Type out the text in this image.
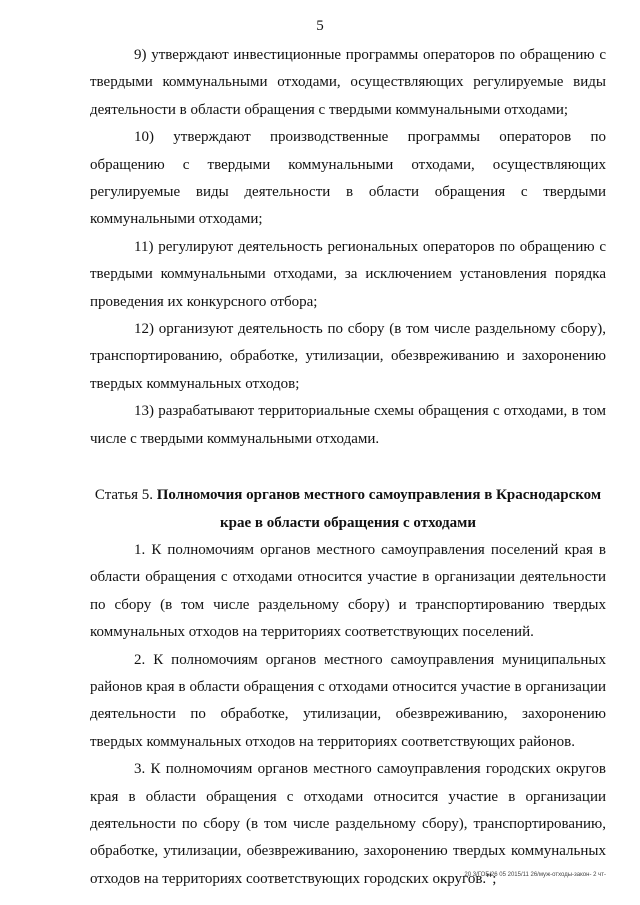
5

9) утверждают инвестиционные программы операторов по обращению с твердыми коммунальными отходами, осуществляющих регулируемые виды деятельности в области обращения с твердыми коммунальными отходами;

10) утверждают производственные программы операторов по обращению с твердыми коммунальными отходами, осуществляющих регулируемые виды деятельности в области обращения с твердыми коммунальными отходами;

11) регулируют деятельность региональных операторов по обращению с твердыми коммунальными отходами, за исключением установления порядка проведения их конкурсного отбора;

12) организуют деятельность по сбору (в том числе раздельному сбору), транспортированию, обработке, утилизации, обезвреживанию и захоронению твердых коммунальных отходов;

13) разрабатывают территориальные схемы обращения с отходами, в том числе с твердыми коммунальными отходами.

Статья 5. Полномочия органов местного самоуправления в Краснодарском крае в области обращения с отходами

1. К полномочиям органов местного самоуправления поселений края в области обращения с отходами относится участие в организации деятельности по сбору (в том числе раздельному сбору) и транспортированию твердых коммунальных отходов на территориях соответствующих поселений.

2. К полномочиям органов местного самоуправления муниципальных районов края в области обращения с отходами относится участие в организации деятельности по обработке, утилизации, обезвреживанию, захоронению твердых коммунальных отходов на территориях соответствующих районов.

3. К полномочиям органов местного самоуправления городских округов края в области обращения с отходами относится участие в организации деятельности по сбору (в том числе раздельному сбору), транспортированию, обработке, утилизации, обезвреживанию, захоронению твердых коммунальных отходов на территориях соответствующих городских округов.";

20 3/ГОБ/26 05 2015/11 26/муж-отходы-закон- 2 чт-
